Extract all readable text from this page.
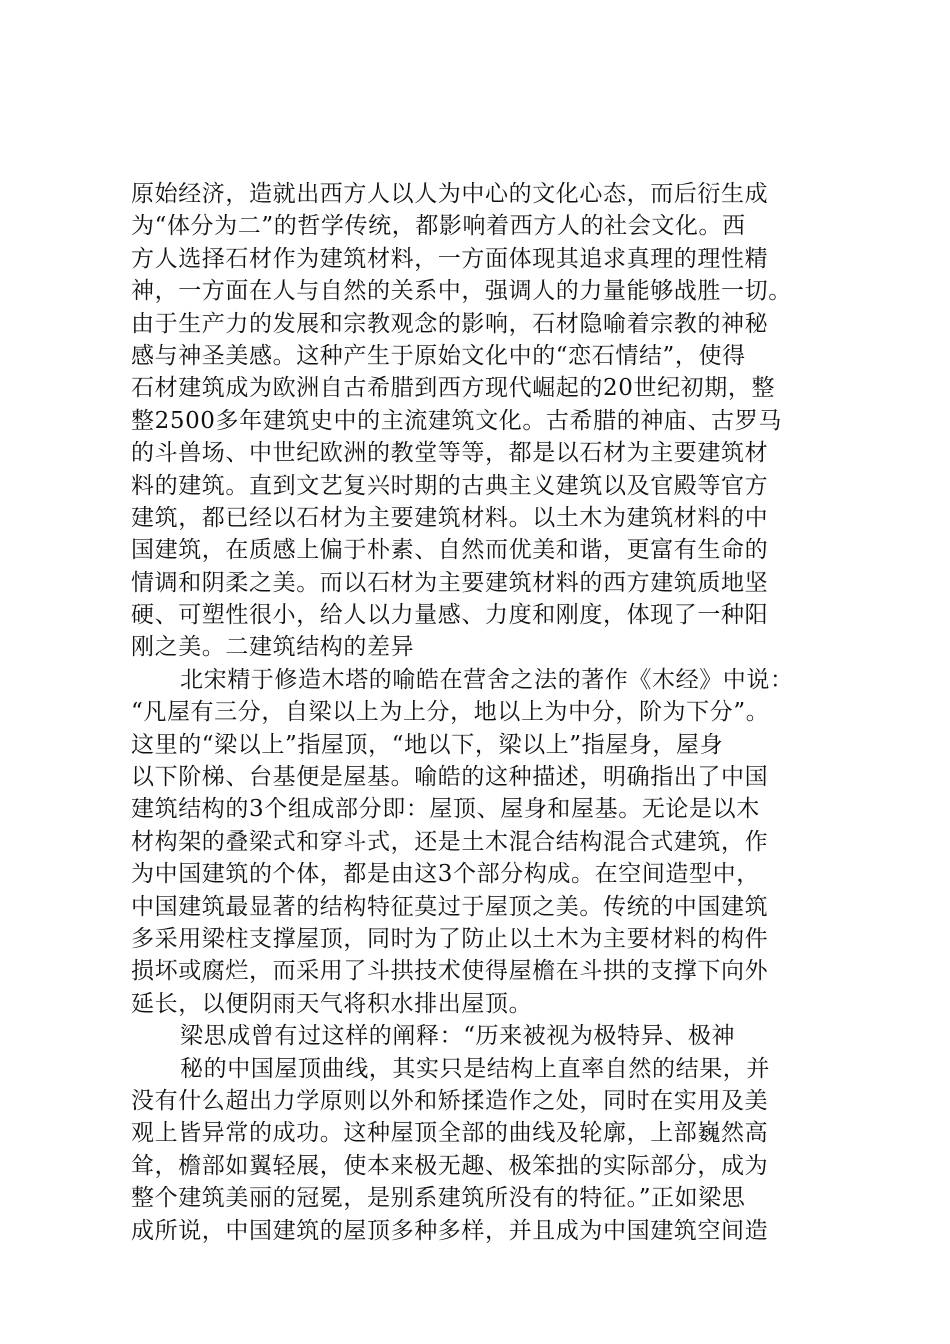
原始经济，造就出西方人以人为中心的文化心态，而后衍生成
为“体分为二”的哲学传统，都影响着西方人的社会文化。西
方人选择石材作为建筑材料，一方面体现其追求真理的理性精
神，一方面在人与自然的关系中，强调人的力量能够战胜一切。
由于生产力的发展和宗教观念的影响，石材隐喻着宗教的神秘
感与神圣美感。这种产生于原始文化中的“恋石情结”，使得
石材建筑成为欧洲自古希腊到西方现代崛起的20世纪初期，整
整2500多年建筑史中的主流建筑文化。古希腊的神庙、古罗马
的斗兽场、中世纪欧洲的教堂等等，都是以石材为主要建筑材
料的建筑。直到文艺复兴时期的古典主义建筑以及官殿等官方
建筑，都已经以石材为主要建筑材料。以土木为建筑材料的中
国建筑，在质感上偏于朴素、自然而优美和谐，更富有生命的
情调和阴柔之美。而以石材为主要建筑材料的西方建筑质地坚
硬、可塑性很小，给人以力量感、力度和刚度，体现了一种阳
刚之美。二建筑结构的差异
北宋精于修造木塔的喻皓在营舍之法的著作《木经》中说：
“凡屋有三分，自梁以上为上分，地以上为中分，阶为下分”。
这里的“梁以上”指屋顶，“地以下，梁以上”指屋身，屋身
以下阶梯、台基便是屋基。喻皓的这种描述，明确指出了中国
建筑结构的3个组成部分即：屋顶、屋身和屋基。无论是以木
材构架的叠梁式和穿斗式，还是土木混合结构混合式建筑，作
为中国建筑的个体，都是由这3个部分构成。在空间造型中，
中国建筑最显著的结构特征莫过于屋顶之美。传统的中国建筑
多采用梁柱支撑屋顶，同时为了防止以土木为主要材料的构件
损坏或腐烂，而采用了斗拱技术使得屋檐在斗拱的支撑下向外
延长，以便阴雨天气将积水排出屋顶。
梁思成曾有过这样的阐释：“历来被视为极特异、极神
秘的中国屋顶曲线，其实只是结构上直率自然的结果，并
没有什么超出力学原则以外和矫揉造作之处，同时在实用及美
观上皆异常的成功。这种屋顶全部的曲线及轮廓，上部巍然高
耸，檐部如翼轻展，使本来极无趣、极笨拙的实际部分，成为
整个建筑美丽的冠冕，是别系建筑所没有的特征。”正如梁思
成所说，中国建筑的屋顶多种多样，并且成为中国建筑空间造
